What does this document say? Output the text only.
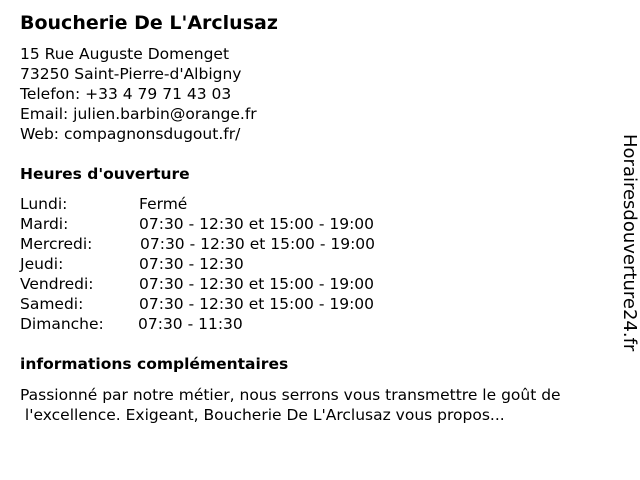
Boucherie De L'Arclusaz
15 Rue Auguste Domenget
73250 Saint-Pierre-d'Albigny
Telefon: +33 4 79 71 43 03
Email: julien.barbin@orange.fr
Web: compagnonsdugout.fr/
Heures d'ouverture
Lundi:	Fermé
Mardi:	07:30 - 12:30 et 15:00 - 19:00
Mercredi:	07:30 - 12:30 et 15:00 - 19:00
Jeudi:	07:30 - 12:30
Vendredi:	07:30 - 12:30 et 15:00 - 19:00
Samedi:	07:30 - 12:30 et 15:00 - 19:00
Dimanche: 07:30 - 11:30
informations complémentaires
Passionné par notre métier, nous serrons vous transmettre le goût de
l'excellence. Exigeant, Boucherie De L'Arclusaz vous propos...
Horairesdouverture24.fr
